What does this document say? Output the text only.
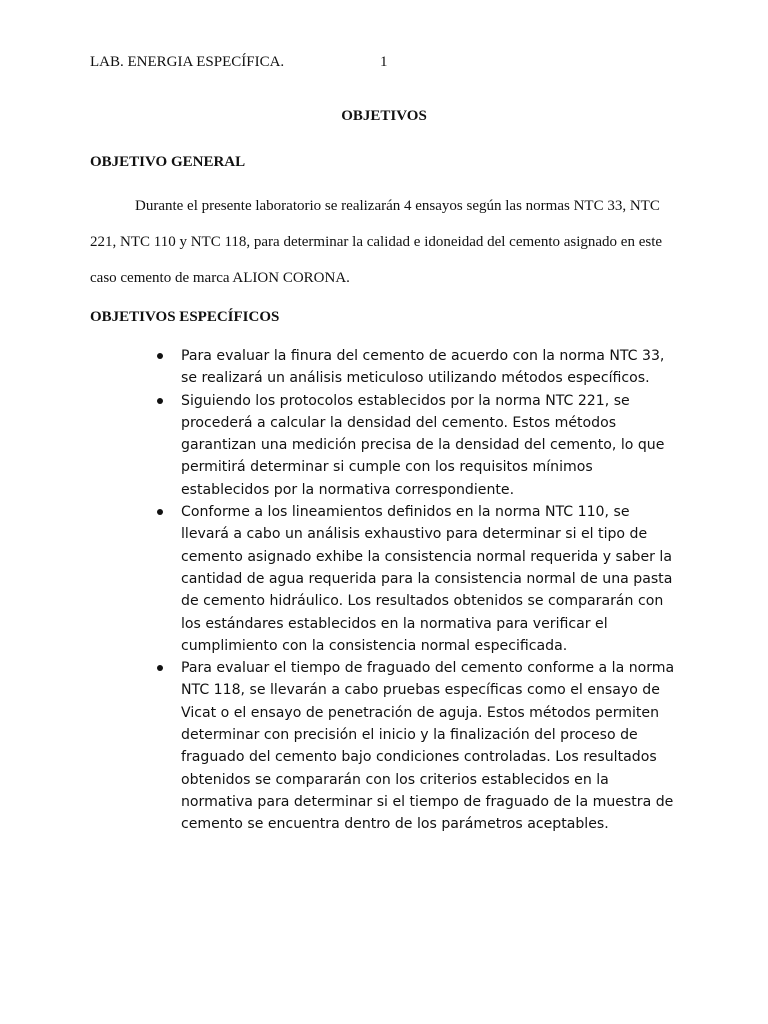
LAB. ENERGIA ESPECÍFICA.	1
OBJETIVOS
OBJETIVO GENERAL

Durante el presente laboratorio se realizarán 4 ensayos según las normas NTC 33, NTC 221, NTC 110 y NTC 118, para determinar la calidad e idoneidad del cemento asignado en este caso cemento de marca ALION CORONA.

OBJETIVOS ESPECÍFICOS
Para evaluar la finura del cemento de acuerdo con la norma NTC 33, se realizará un análisis meticuloso utilizando métodos específicos.
Siguiendo los protocolos establecidos por la norma NTC 221, se procederá a calcular la densidad del cemento. Estos métodos garantizan una medición precisa de la densidad del cemento, lo que permitirá determinar si cumple con los requisitos mínimos establecidos por la normativa correspondiente.
Conforme a los lineamientos definidos en la norma NTC 110, se llevará a cabo un análisis exhaustivo para determinar si el tipo de cemento asignado exhibe la consistencia normal requerida y saber la cantidad de agua requerida para la consistencia normal de una pasta de cemento hidráulico. Los resultados obtenidos se compararán con los estándares establecidos en la normativa para verificar el cumplimiento con la consistencia normal especificada.
Para evaluar el tiempo de fraguado del cemento conforme a la norma NTC 118, se llevarán a cabo pruebas específicas como el ensayo de Vicat o el ensayo de penetración de aguja. Estos métodos permiten determinar con precisión el inicio y la finalización del proceso de fraguado del cemento bajo condiciones controladas. Los resultados obtenidos se compararán con los criterios establecidos en la normativa para determinar si el tiempo de fraguado de la muestra de cemento se encuentra dentro de los parámetros aceptables.
